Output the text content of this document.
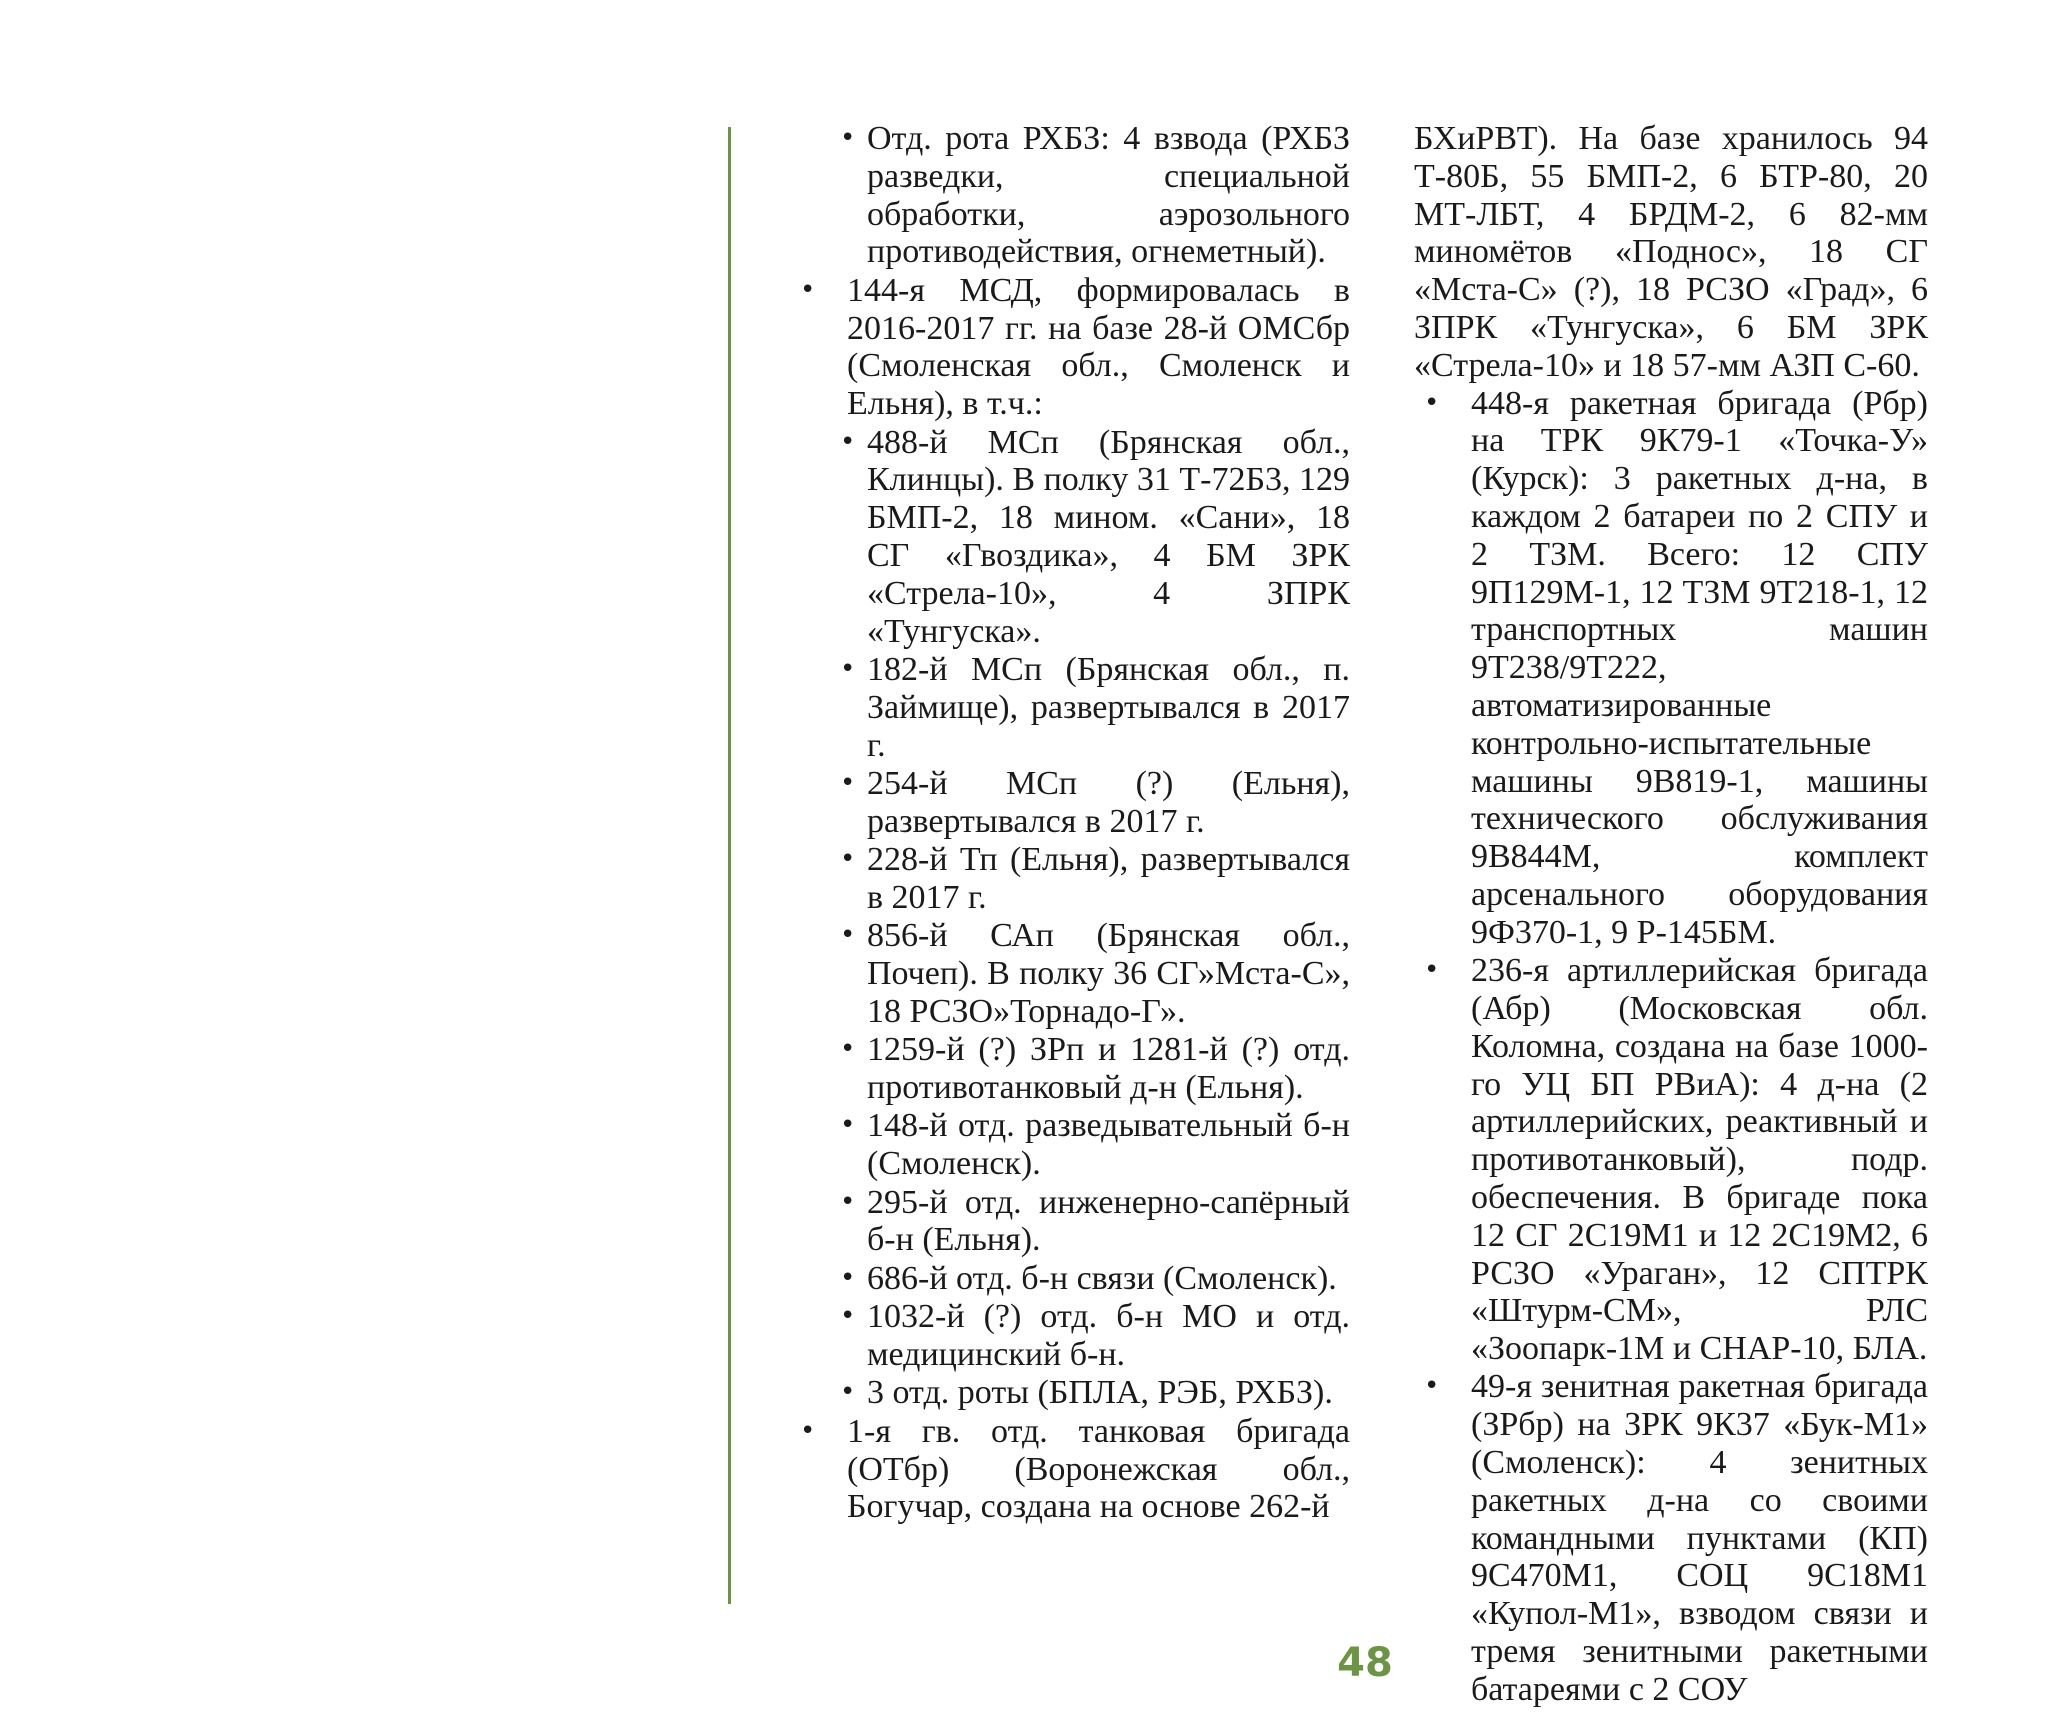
• Отд. рота РХБЗ: 4 взвода (РХБЗ разведки, специальной обработки, аэрозольного противодействия, огнеметный).
• 144-я МСД, формировалась в 2016-2017 гг. на базе 28-й ОМСбр (Смоленская обл., Смоленск и Ельня), в т.ч.:
• 488-й МСп (Брянская обл., Клинцы). В полку 31 Т-72Б3, 129 БМП-2, 18 мином. «Сани», 18 СГ «Гвоздика», 4 БМ ЗРК «Стрела-10», 4 ЗПРК «Тунгуска».
• 182-й МСп (Брянская обл., п. Займище), развертывался в 2017 г.
• 254-й МСп (?) (Ельня), развертывался в 2017 г.
• 228-й Тп (Ельня), развертывался в 2017 г.
• 856-й САп (Брянская обл., Почеп). В полку 36 СГ»Мста-С», 18 РСЗО»Торнадо-Г».
• 1259-й (?) ЗРп и 1281-й (?) отд. противотанковый д-н (Ельня).
• 148-й отд. разведывательный б-н (Смоленск).
• 295-й отд. инженерно-сапёрный б-н (Ельня).
• 686-й отд. б-н связи (Смоленск).
• 1032-й (?) отд. б-н МО и отд. медицинский б-н.
• 3 отд. роты (БПЛА, РЭБ, РХБЗ).
• 1-я гв. отд. танковая бригада (ОТбр) (Воронежская обл., Богучар, создана на основе 262-й

БХиРВТ). На базе хранилось 94 Т-80Б, 55 БМП-2, 6 БТР-80, 20 МТ-ЛБТ, 4 БРДМ-2, 6 82-мм миномётов «Поднос», 18 СГ «Мста-С» (?), 18 РСЗО «Град», 6 ЗПРК «Тунгуска», 6 БМ ЗРК «Стрела-10» и 18 57-мм АЗП С-60.

• 448-я ракетная бригада (Рбр) на ТРК 9К79-1 «Точка-У» (Курск): 3 ракетных д-на, в каждом 2 батареи по 2 СПУ и 2 ТЗМ. Всего: 12 СПУ 9П129М-1, 12 ТЗМ 9Т218-1, 12 транспортных машин 9Т238/9Т222, автоматизированные контрольно-испытательные машины 9В819-1, машины технического обслуживания 9В844М, комплект арсенального оборудования 9Ф370-1, 9 Р-145БМ.
• 236-я артиллерийская бригада (Абр) (Московская обл. Коломна, создана на базе 1000-го УЦ БП РВиА): 4 д-на (2 артиллерийских, реактивный и противотанковый), подр. обеспечения. В бригаде пока 12 СГ 2С19М1 и 12 2С19М2, 6 РСЗО «Ураган», 12 СПТРК «Штурм-СМ», РЛС «Зоопарк-1М и СНАР-10, БЛА.
• 49-я зенитная ракетная бригада (ЗРбр) на ЗРК 9К37 «Бук-М1» (Смоленск): 4 зенитных ракетных д-на со своими командными пунктами (КП) 9С470М1, СОЦ 9С18М1 «Купол-М1», взводом связи и тремя зенитными ракетными батареями с 2 СОУ
48
